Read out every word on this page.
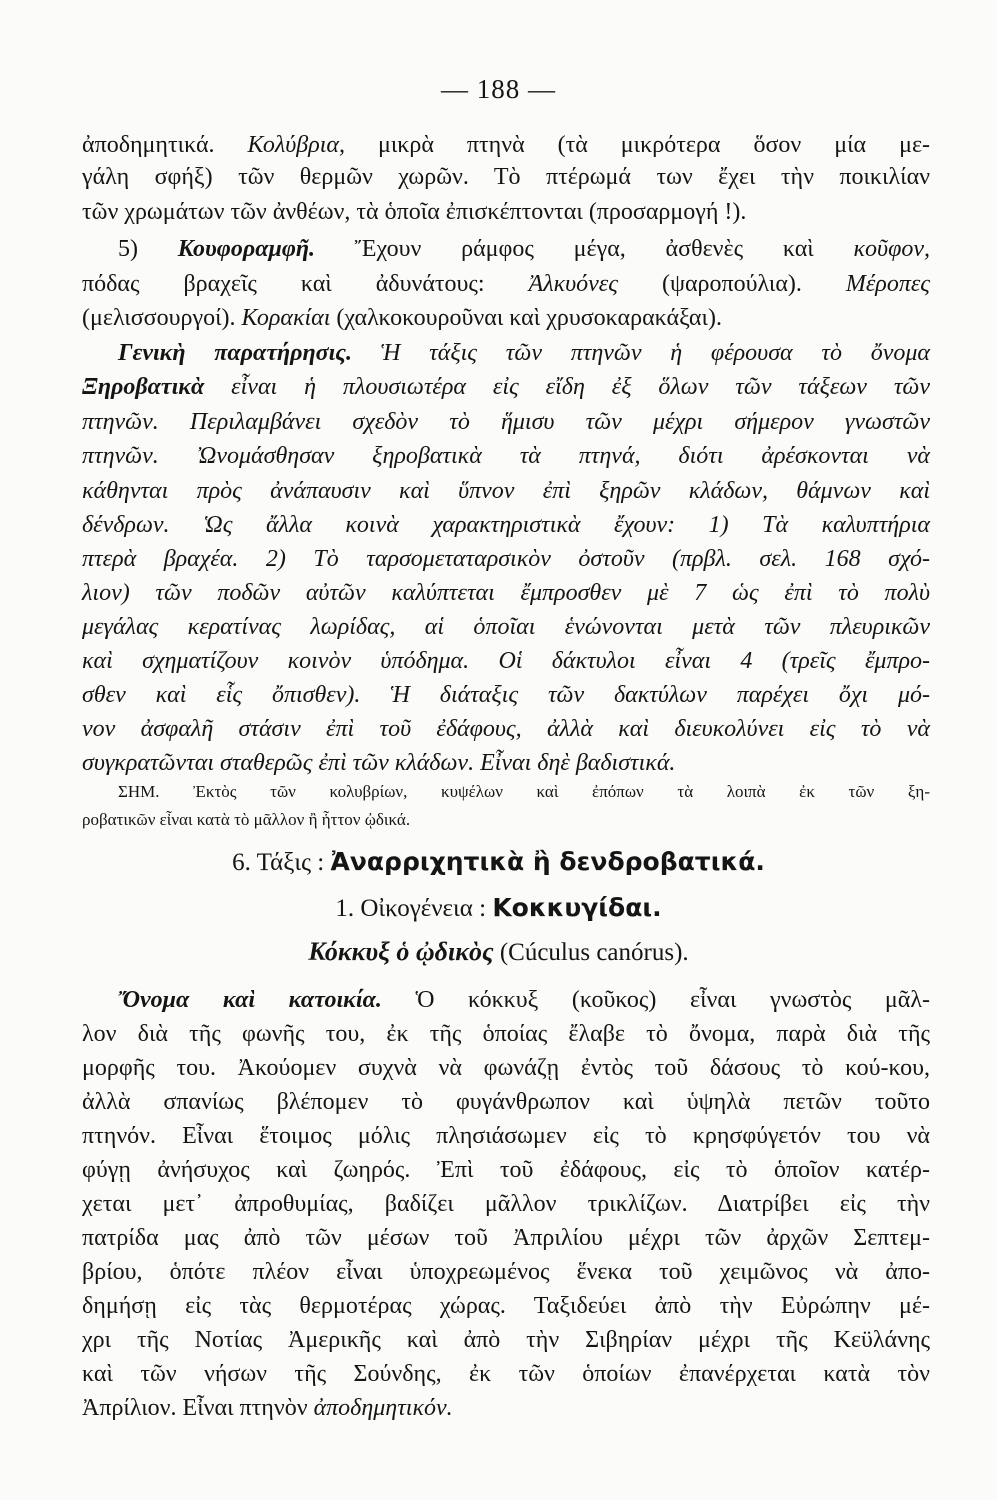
— 188 —
ἀποδημητικά. Κολύβρια, μικρὰ πτηνὰ (τὰ μικρότερα ὅσον μία με-
γάλη σφήξ) τῶν θερμῶν χωρῶν. Τὸ πτέρωμά των ἔχει τὴν ποικιλίαν
τῶν χρωμάτων τῶν ἀνθέων, τὰ ὁποῖα ἐπισκέπτονται (προσαρμογή !).
5) Κουφοραμφῆ. Ἔχουν ράμφος μέγα, ἀσθενὲς καὶ κοῦφον,
πόδας βραχεῖς καὶ ἀδυνάτους: Ἀλκυόνες (ψαροπούλια). Μέροπες
(μελισσουργοί). Κορακίαι (χαλκοκουροῦναι καὶ χρυσοκαρακάξαι).
Γενικὴ παρατήρησις. Ἡ τάξις τῶν πτηνῶν ἡ φέρουσα τὸ ὄνομα
Ξηροβατικὰ εἶναι ἡ πλουσιωτέρα εἰς εἴδη ἐξ ὅλων τῶν τάξεων τῶν
πτηνῶν. Περιλαμβάνει σχεδὸν τὸ ἥμισυ τῶν μέχρι σήμερον γνωστῶν
πτηνῶν. Ὠνομάσθησαν ξηροβατικὰ τὰ πτηνά, διότι ἀρέσκονται νὰ
κάθηνται πρὸς ἀνάπαυσιν καὶ ὕπνον ἐπὶ ξηρῶν κλάδων, θάμνων καὶ
δένδρων. Ὡς ἄλλα κοινὰ χαρακτηριστικὰ ἔχουν: 1) Τὰ καλυπτήρια
πτερὰ βραχέα. 2) Τὸ ταρσομεταταρσικὸν ὀστοῦν (πρβλ. σελ. 168 σχό-
λιον) τῶν ποδῶν αὐτῶν καλύπτεται ἔμπροσθεν μὲ 7 ὡς ἐπὶ τὸ πολὺ
μεγάλας κερατίνας λωρίδας, αἱ ὁποῖαι ἑνώνονται μετὰ τῶν πλευρικῶν
καὶ σχηματίζουν κοινὸν ὑπόδημα. Οἱ δάκτυλοι εἶναι 4 (τρεῖς ἔμπρο-
σθεν καὶ εἷς ὄπισθεν). Ἡ διάταξις τῶν δακτύλων παρέχει ὄχι μό-
νον ἀσφαλῆ στάσιν ἐπὶ τοῦ ἐδάφους, ἀλλὰ καὶ διευκολύνει εἰς τὸ νὰ
συγκρατῶνται σταθερῶς ἐπὶ τῶν κλάδων. Εἶναι δηὲ βαδιστικά.
ΣΗΜ. Ἐκτὸς τῶν κολυβρίων, κυψέλων καὶ ἐπόπων τὰ λοιπὰ ἐκ τῶν ξη-
ροβατικῶν εἶναι κατὰ τὸ μᾶλλον ἢ ἧττον ᾠδικά.
6. Τάξις : Ἀναρριχητικὰ ἢ δενδροβατικά.
1. Οἰκογένεια : Κοκκυγίδαι.
Κόκκυξ ὁ ᾠδικὸς (Cúculus canórus).
Ὄνομα καὶ κατοικία. Ὁ κόκκυξ (κοῦκος) εἶναι γνωστὸς μᾶλ-
λον διὰ τῆς φωνῆς του, ἐκ τῆς ὁποίας ἔλαβε τὸ ὄνομα, παρὰ διὰ τῆς
μορφῆς του. Ἀκούομεν συχνὰ νὰ φωνάζῃ ἐντὸς τοῦ δάσους τὸ κού-κου,
ἀλλὰ σπανίως βλέπομεν τὸ φυγάνθρωπον καὶ ὑψηλὰ πετῶν τοῦτο
πτηνόν. Εἶναι ἕτοιμος μόλις πλησιάσωμεν εἰς τὸ κρησφύγετόν του νὰ
φύγῃ ἀνήσυχος καὶ ζωηρός. Ἐπὶ τοῦ ἐδάφους, εἰς τὸ ὁποῖον κατέρ-
χεται μετ᾽ ἀπροθυμίας, βαδίζει μᾶλλον τρικλίζων. Διατρίβει εἰς τὴν
πατρίδα μας ἀπὸ τῶν μέσων τοῦ Ἀπριλίου μέχρι τῶν ἀρχῶν Σεπτεμ-
βρίου, ὁπότε πλέον εἶναι ὑποχρεωμένος ἕνεκα τοῦ χειμῶνος νὰ ἀπο-
δημήσῃ εἰς τὰς θερμοτέρας χώρας. Ταξιδεύει ἀπὸ τὴν Εὐρώπην μέ-
χρι τῆς Νοτίας Ἀμερικῆς καὶ ἀπὸ τὴν Σιβηρίαν μέχρι τῆς Κεϋλάνης
καὶ τῶν νήσων τῆς Σούνδης, ἐκ τῶν ὁποίων ἐπανέρχεται κατὰ τὸν
Ἀπρίλιον. Εἶναι πτηνὸν ἀποδημητικόν.
